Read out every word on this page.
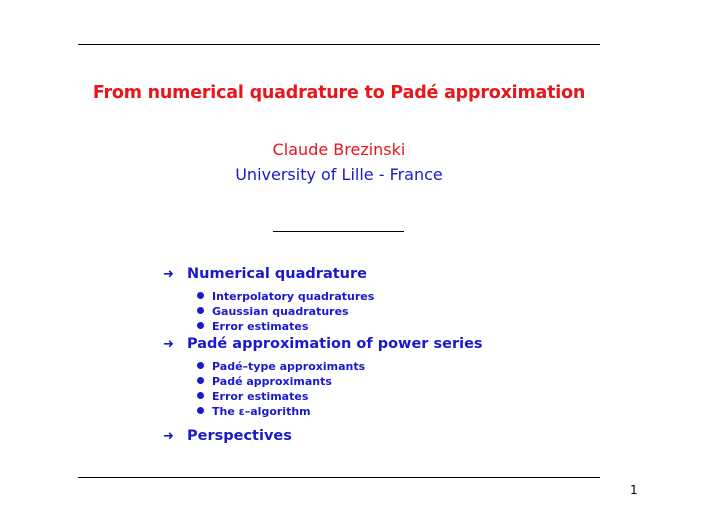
From numerical quadrature to Padé approximation
Claude Brezinski
University of Lille - France
➜ Numerical quadrature
Interpolatory quadratures
Gaussian quadratures
Error estimates
➜ Padé approximation of power series
Padé–type approximants
Padé approximants
Error estimates
The ε–algorithm
➜ Perspectives
1
